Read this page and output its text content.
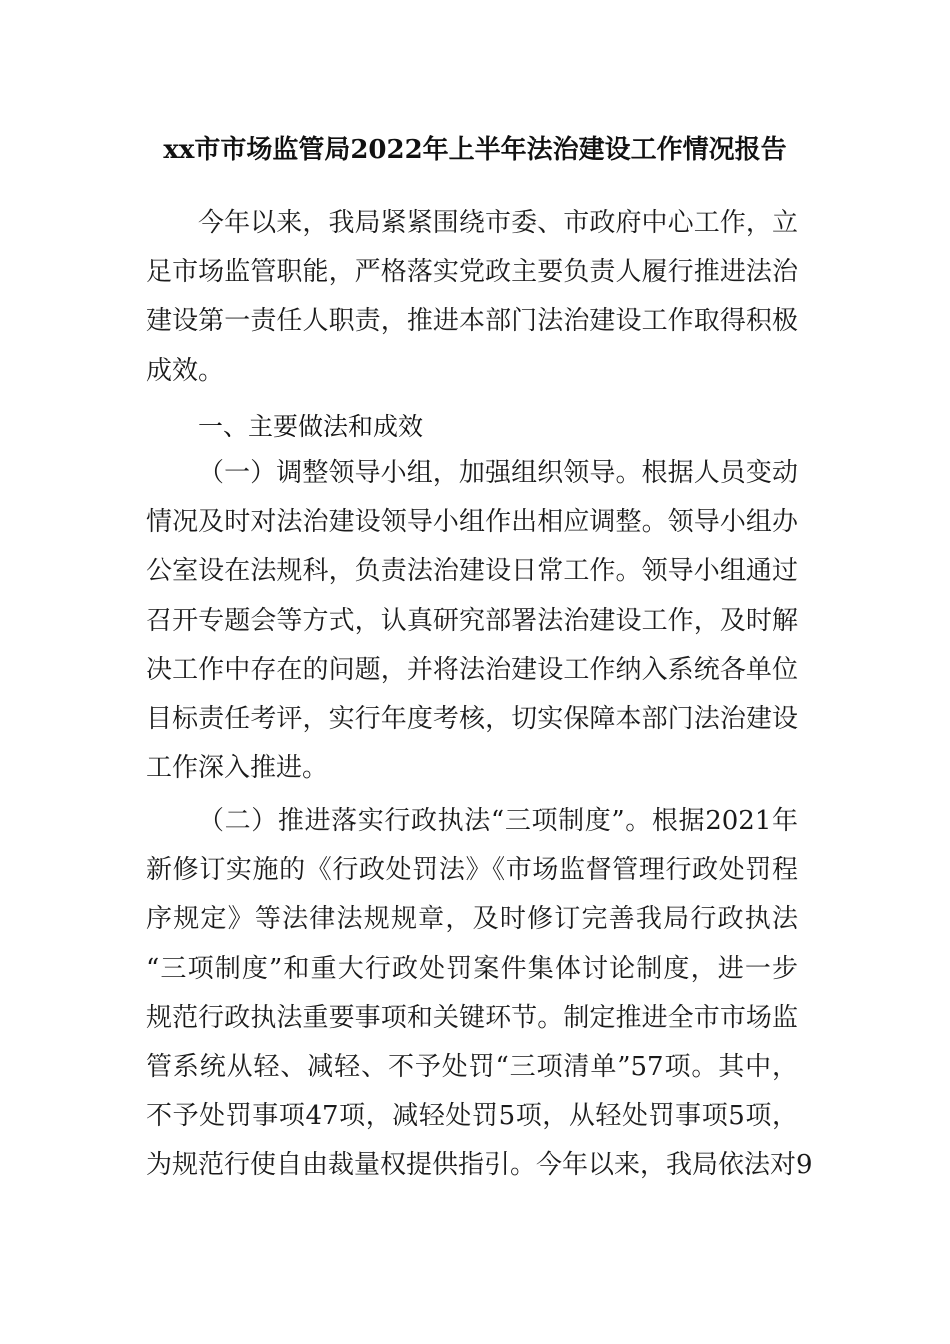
xx市市场监管局2022年上半年法治建设工作情况报告
今年以来，我局紧紧围绕市委、市政府中心工作，立
足市场监管职能，严格落实党政主要负责人履行推进法治
建设第一责任人职责，推进本部门法治建设工作取得积极
成效。
一、主要做法和成效
（一）调整领导小组，加强组织领导。根据人员变动
情况及时对法治建设领导小组作出相应调整。领导小组办
公室设在法规科，负责法治建设日常工作。领导小组通过
召开专题会等方式，认真研究部署法治建设工作，及时解
决工作中存在的问题，并将法治建设工作纳入系统各单位
目标责任考评，实行年度考核，切实保障本部门法治建设
工作深入推进。
（二）推进落实行政执法“三项制度”。根据2021年
新修订实施的《行政处罚法》《市场监督管理行政处罚程
序规定》等法律法规规章，及时修订完善我局行政执法
“三项制度”和重大行政处罚案件集体讨论制度，进一步
规范行政执法重要事项和关键环节。制定推进全市市场监
管系统从轻、减轻、不予处罚“三项清单”57项。其中，
不予处罚事项47项，减轻处罚5项，从轻处罚事项5项，
为规范行使自由裁量权提供指引。今年以来，我局依法对9
